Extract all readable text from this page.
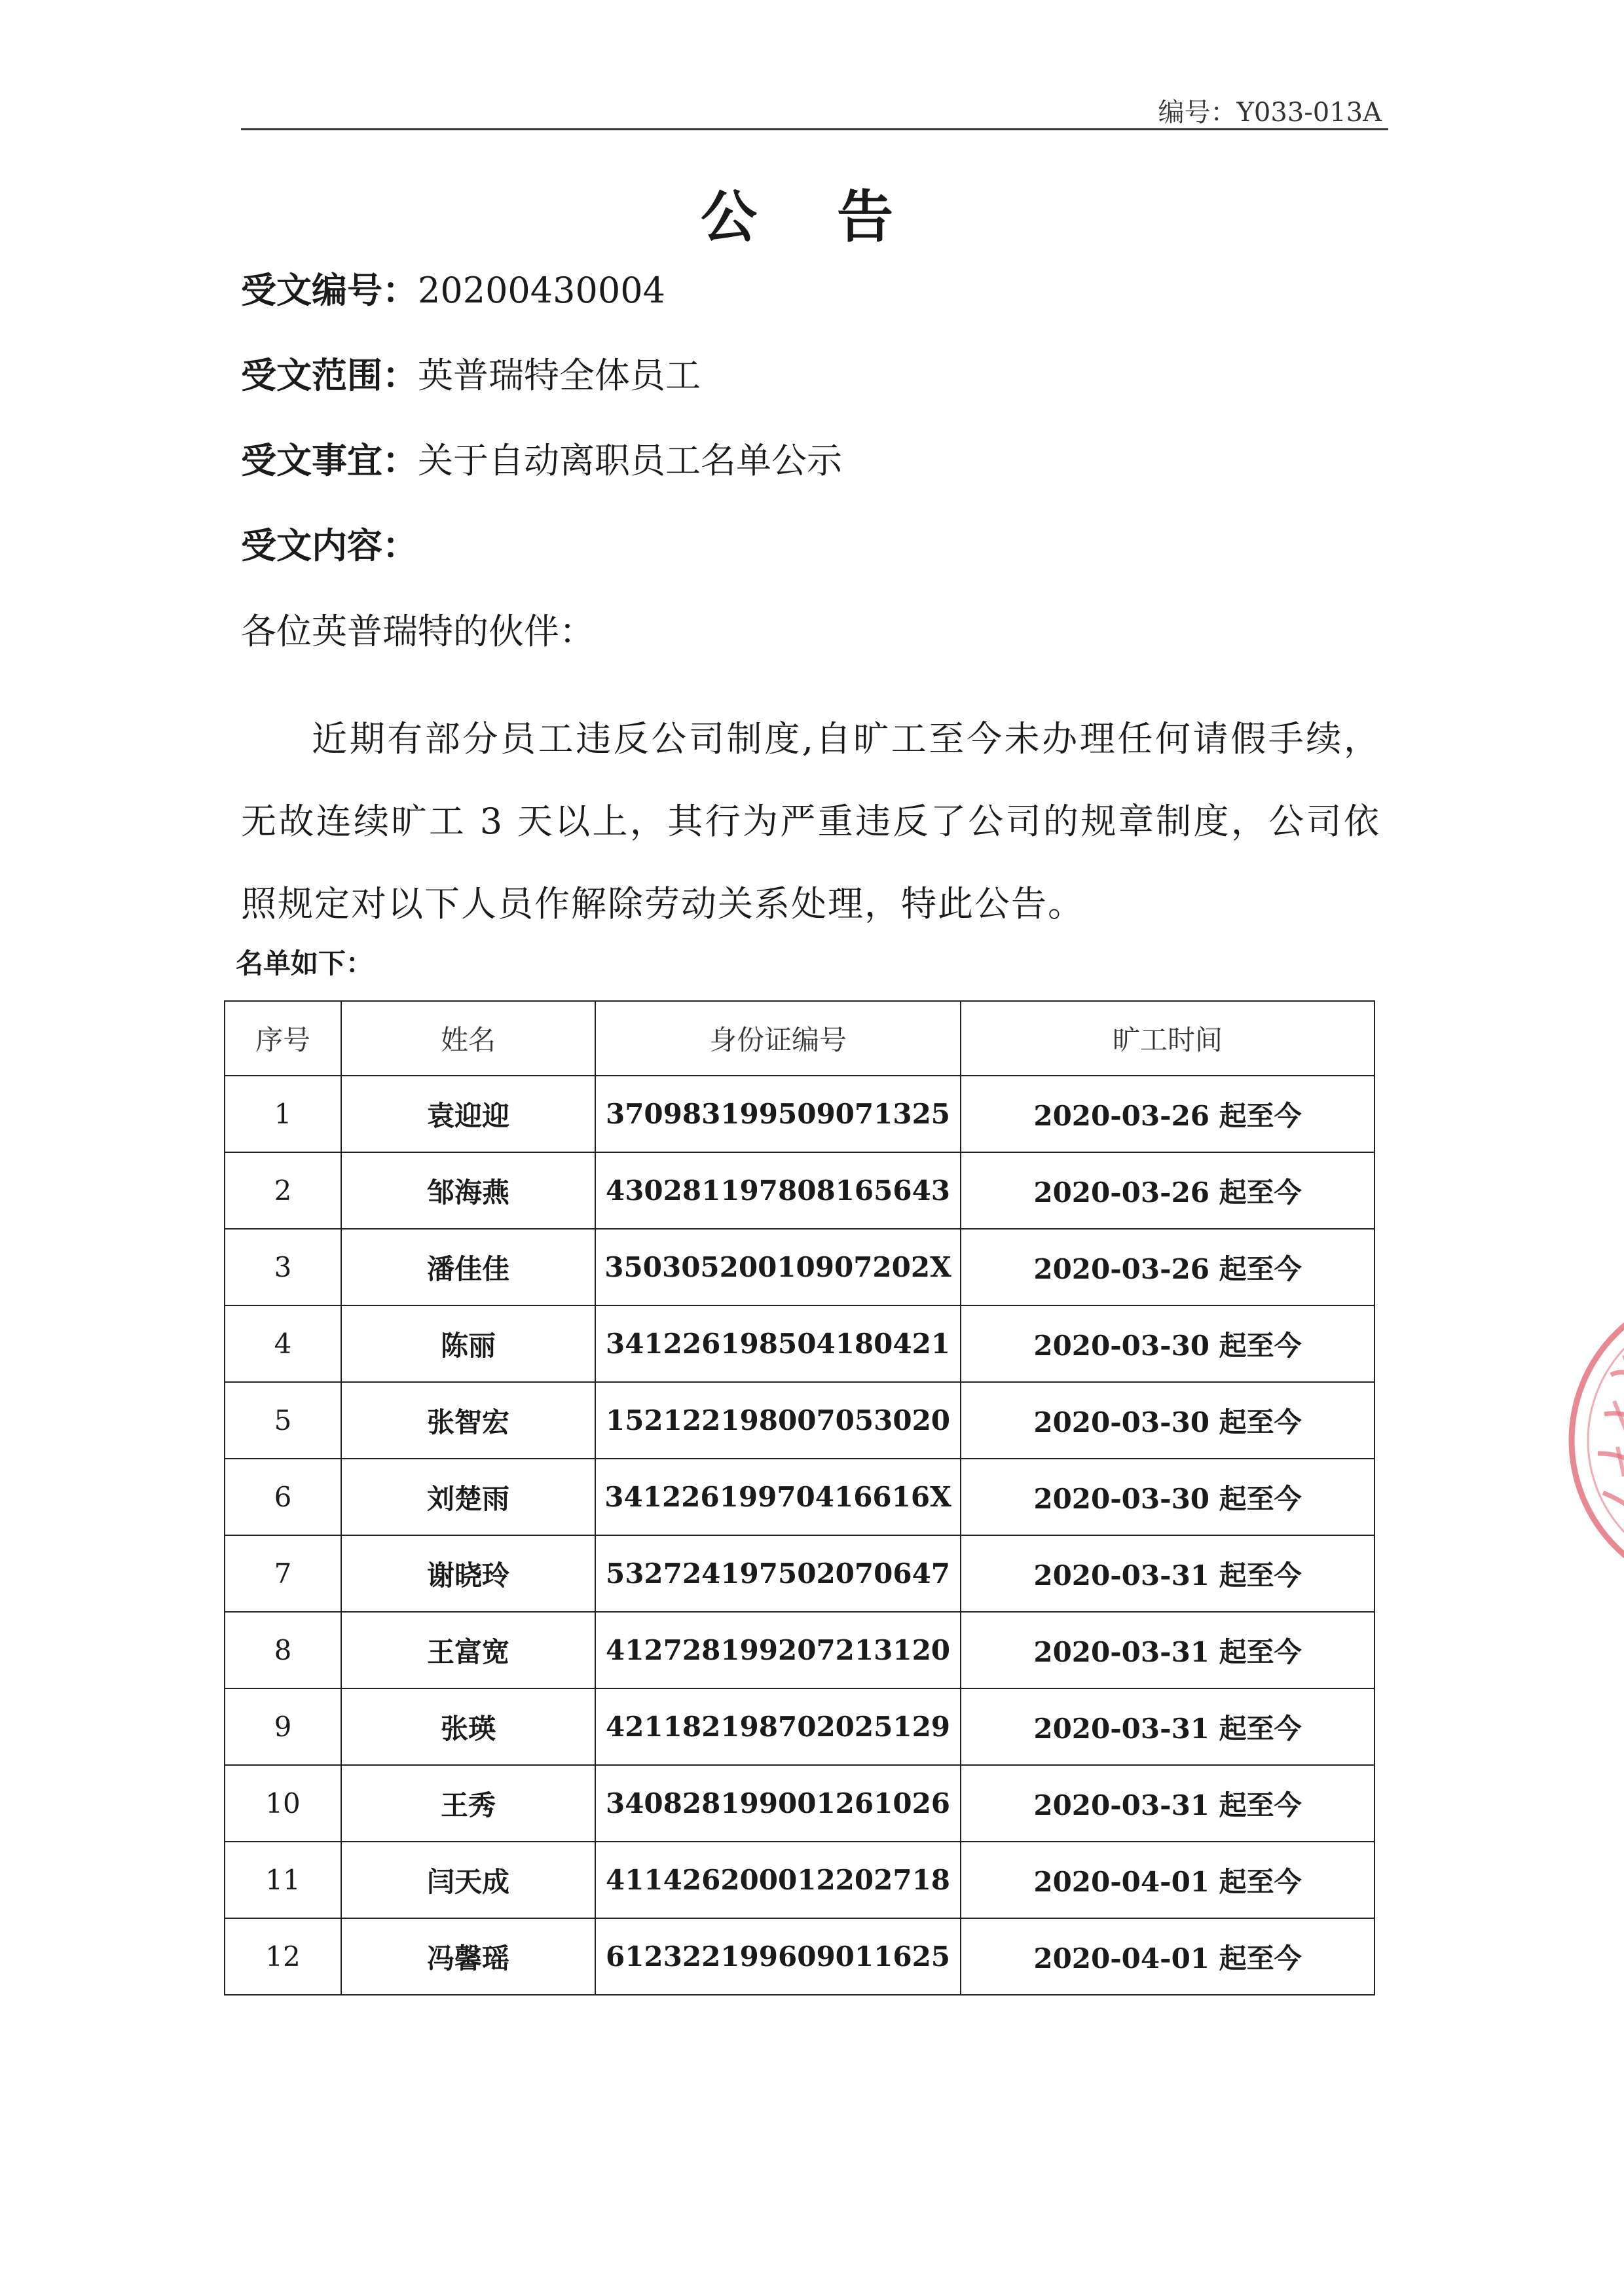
编号：Y033-013A
公 告
受文编号：20200430004
受文范围：英普瑞特全体员工
受文事宜：关于自动离职员工名单公示
受文内容：
各位英普瑞特的伙伴：
近期有部分员工违反公司制度,自旷工至今未办理任何请假手续，无故连续旷工 3 天以上，其行为严重违反了公司的规章制度，公司依照规定对以下人员作解除劳动关系处理，特此公告。
名单如下：
序号	姓名	身份证编号	旷工时间
1	袁迎迎	370983199509071325	2020-03-26 起至今
2	邹海燕	430281197808165643	2020-03-26 起至今
3	潘佳佳	35030520010907202X	2020-03-26 起至今
4	陈丽	341226198504180421	2020-03-30 起至今
5	张智宏	152122198007053020	2020-03-30 起至今
6	刘楚雨	34122619970416616X	2020-03-30 起至今
7	谢晓玲	532724197502070647	2020-03-31 起至今
8	王富宽	412728199207213120	2020-03-31 起至今
9	张瑛	421182198702025129	2020-03-31 起至今
10	王秀	340828199001261026	2020-03-31 起至今
11	闫天成	411426200012202718	2020-04-01 起至今
12	冯馨瑶	612322199609011625	2020-04-01 起至今
